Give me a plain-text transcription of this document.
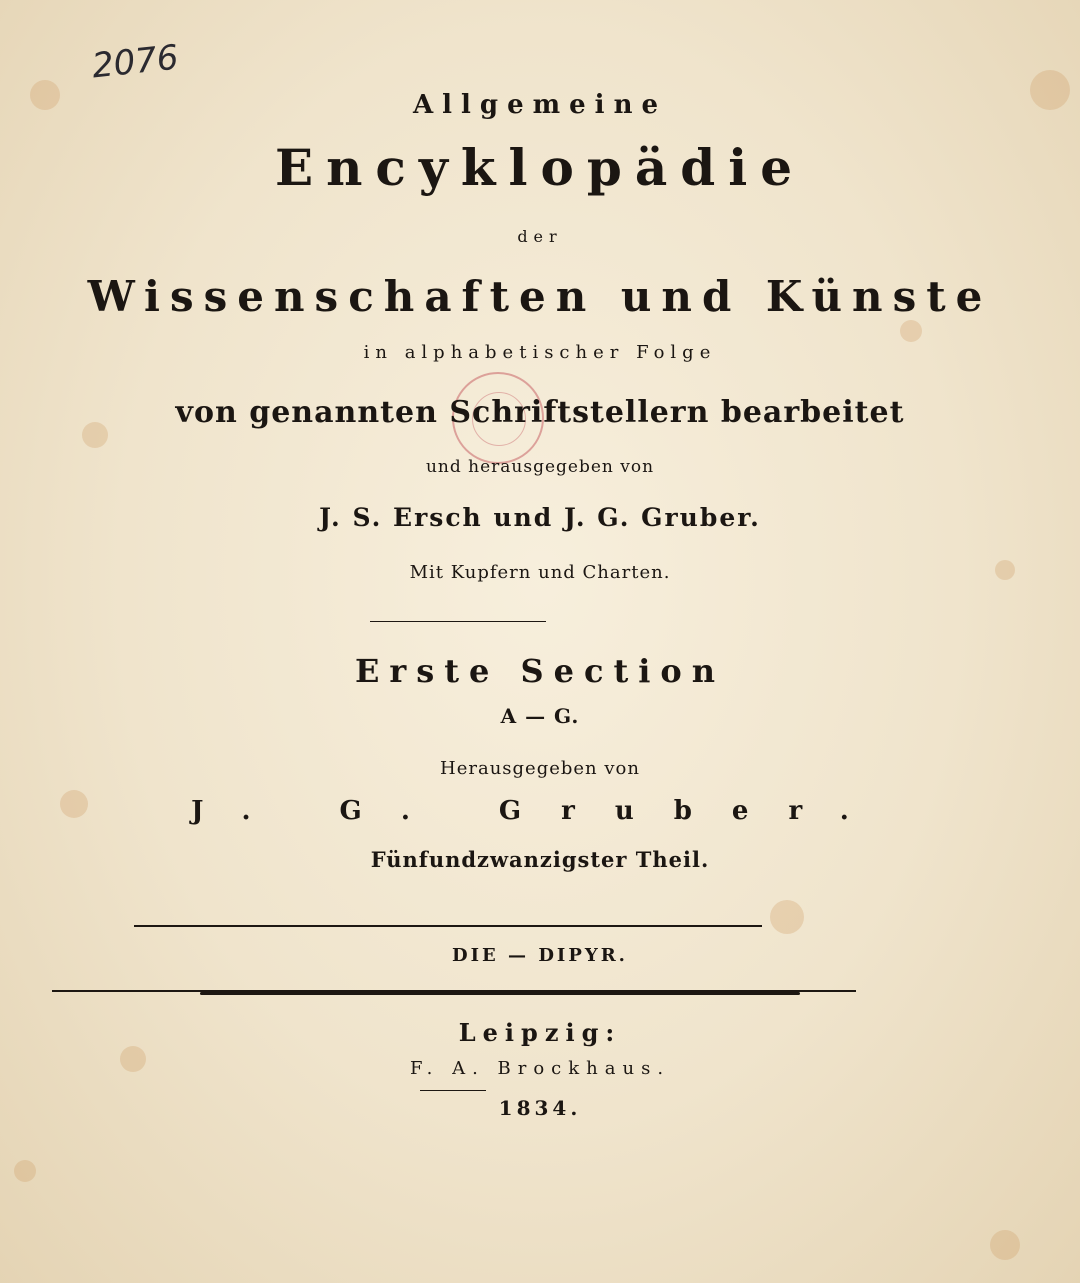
2076
Allgemeine
Encyklopädie
der
Wissenschaften und Künste
in alphabetischer Folge
von genannten Schriftstellern bearbeitet
und herausgegeben von
J. S. Ersch und J. G. Gruber.
Mit Kupfern und Charten.
Erste Section
A — G.
Herausgegeben von
J. G. Gruber.
Fünfundzwanzigster Theil.
DIE — DIPYR.
Leipzig:
F. A. Brockhaus.
1834.
